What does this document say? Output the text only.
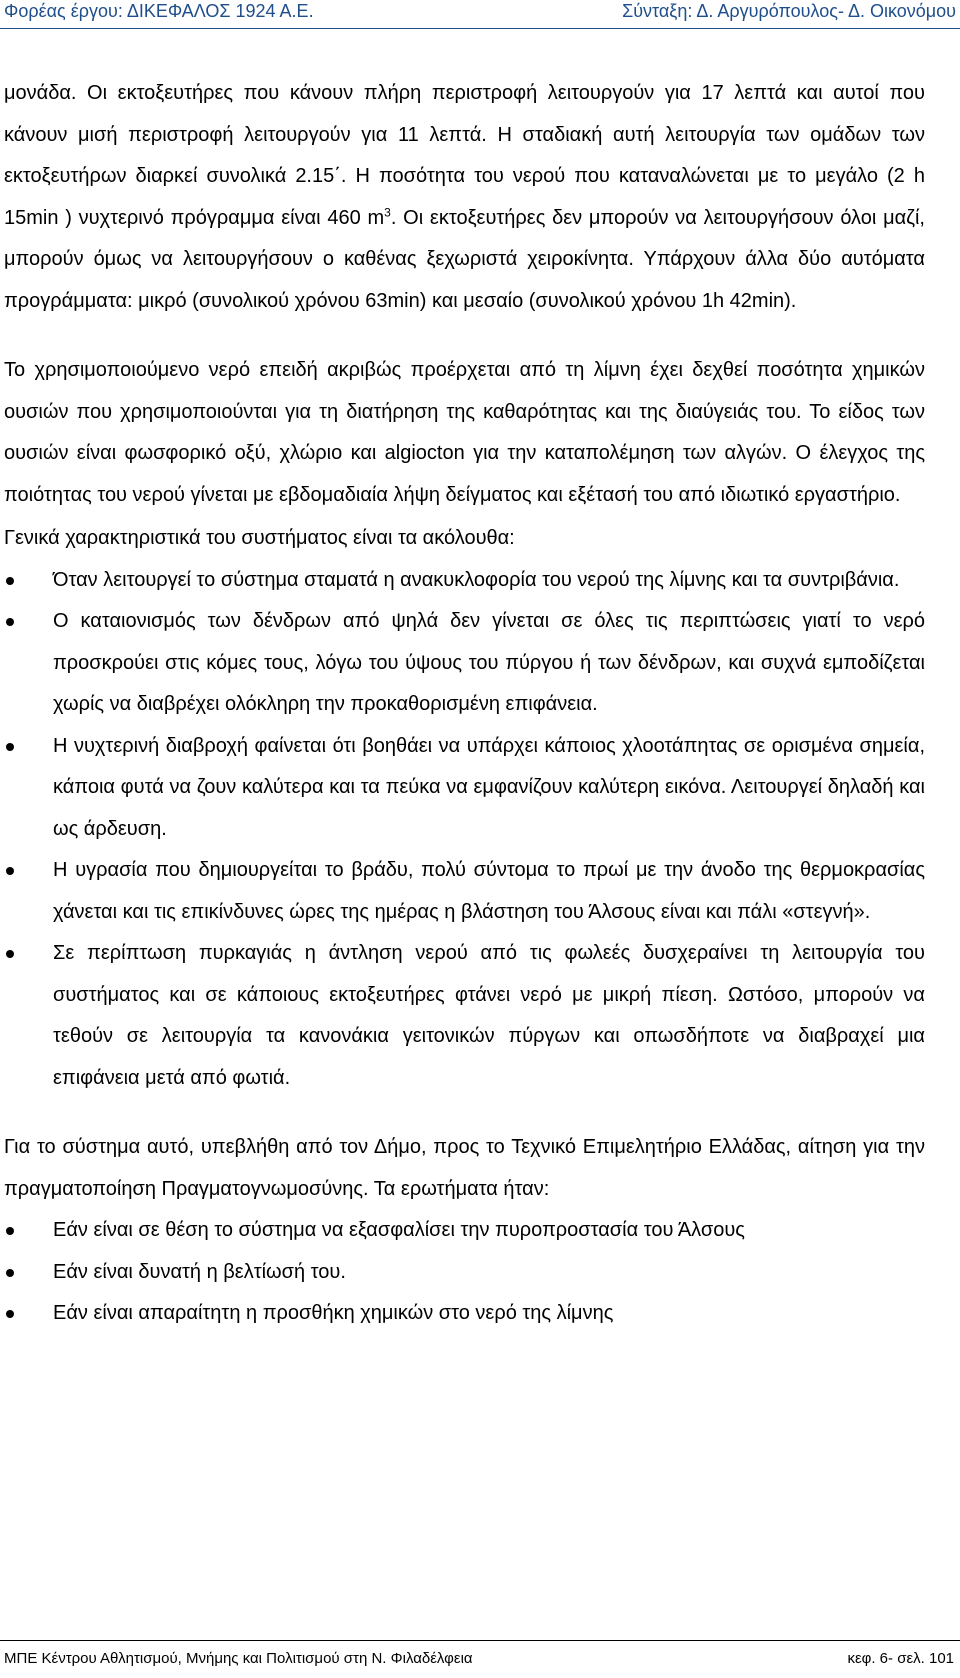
Φορέας έργου: ΔΙΚΕΦΑΛΟΣ 1924 Α.Ε.	Σύνταξη: Δ. Αργυρόπουλος- Δ. Οικονόμου

μονάδα. Οι εκτοξευτήρες που κάνουν πλήρη περιστροφή λειτουργούν για 17 λεπτά και αυτοί που κάνουν μισή περιστροφή λειτουργούν για 11 λεπτά. Η σταδιακή αυτή λειτουργία των ομάδων των εκτοξευτήρων διαρκεί συνολικά 2.15΄. Η ποσότητα του νερού που καταναλώνεται με το μεγάλο (2 h 15min ) νυχτερινό πρόγραμμα είναι 460 $m^3$. Οι εκτοξευτήρες δεν μπορούν να λειτουργήσουν όλοι μαζί, μπορούν όμως να λειτουργήσουν ο καθένας ξεχωριστά χειροκίνητα. Υπάρχουν άλλα δύο αυτόματα προγράμματα: μικρό (συνολικού χρόνου 63min) και μεσαίο (συνολικού χρόνου 1h 42min).

Το χρησιμοποιούμενο νερό επειδή ακριβώς προέρχεται από τη λίμνη έχει δεχθεί ποσότητα χημικών ουσιών που χρησιμοποιούνται για τη διατήρηση της καθαρότητας και της διαύγειάς του. Το είδος των ουσιών είναι φωσφορικό οξύ, χλώριο και algiocton για την καταπολέμηση των αλγών. Ο έλεγχος της ποιότητας του νερού γίνεται με εβδομαδιαία λήψη δείγματος και εξέτασή του από ιδιωτικό εργαστήριο.

Γενικά χαρακτηριστικά του συστήματος είναι τα ακόλουθα:

Όταν λειτουργεί το σύστημα σταματά η ανακυκλοφορία του νερού της λίμνης και τα συντριβάνια.
Ο καταιονισμός των δένδρων από ψηλά δεν γίνεται σε όλες τις περιπτώσεις γιατί το νερό προσκρούει στις κόμες τους, λόγω του ύψους του πύργου ή των δένδρων, και συχνά εμποδίζεται χωρίς να διαβρέχει ολόκληρη την προκαθορισμένη επιφάνεια.
Η νυχτερινή διαβροχή φαίνεται ότι βοηθάει να υπάρχει κάποιος χλοοτάπητας σε ορισμένα σημεία, κάποια φυτά να ζουν καλύτερα και τα πεύκα να εμφανίζουν καλύτερη εικόνα. Λειτουργεί δηλαδή και ως άρδευση.
Η υγρασία που δημιουργείται το βράδυ, πολύ σύντομα το πρωί με την άνοδο της θερμοκρασίας χάνεται και τις επικίνδυνες ώρες της ημέρας η βλάστηση του Άλσους είναι και πάλι «στεγνή».
Σε περίπτωση πυρκαγιάς η άντληση νερού από τις φωλεές δυσχεραίνει τη λειτουργία του συστήματος και σε κάποιους εκτοξευτήρες φτάνει νερό με μικρή πίεση. Ωστόσο, μπορούν να τεθούν σε λειτουργία τα κανονάκια γειτονικών πύργων και οπωσδήποτε να διαβραχεί μια επιφάνεια μετά από φωτιά.

Για το σύστημα αυτό, υπεβλήθη από τον Δήμο, προς το Τεχνικό Επιμελητήριο Ελλάδας, αίτηση για την πραγματοποίηση Πραγματογνωμοσύνης. Τα ερωτήματα ήταν:

Εάν είναι σε θέση το σύστημα να εξασφαλίσει την πυροπροστασία του Άλσους
Εάν είναι δυνατή η βελτίωσή του.
Εάν είναι απαραίτητη η προσθήκη χημικών στο νερό της λίμνης
ΜΠΕ Κέντρου Αθλητισμού, Μνήμης και Πολιτισμού στη Ν. Φιλαδέλφεια	κεφ. 6- σελ. 101
